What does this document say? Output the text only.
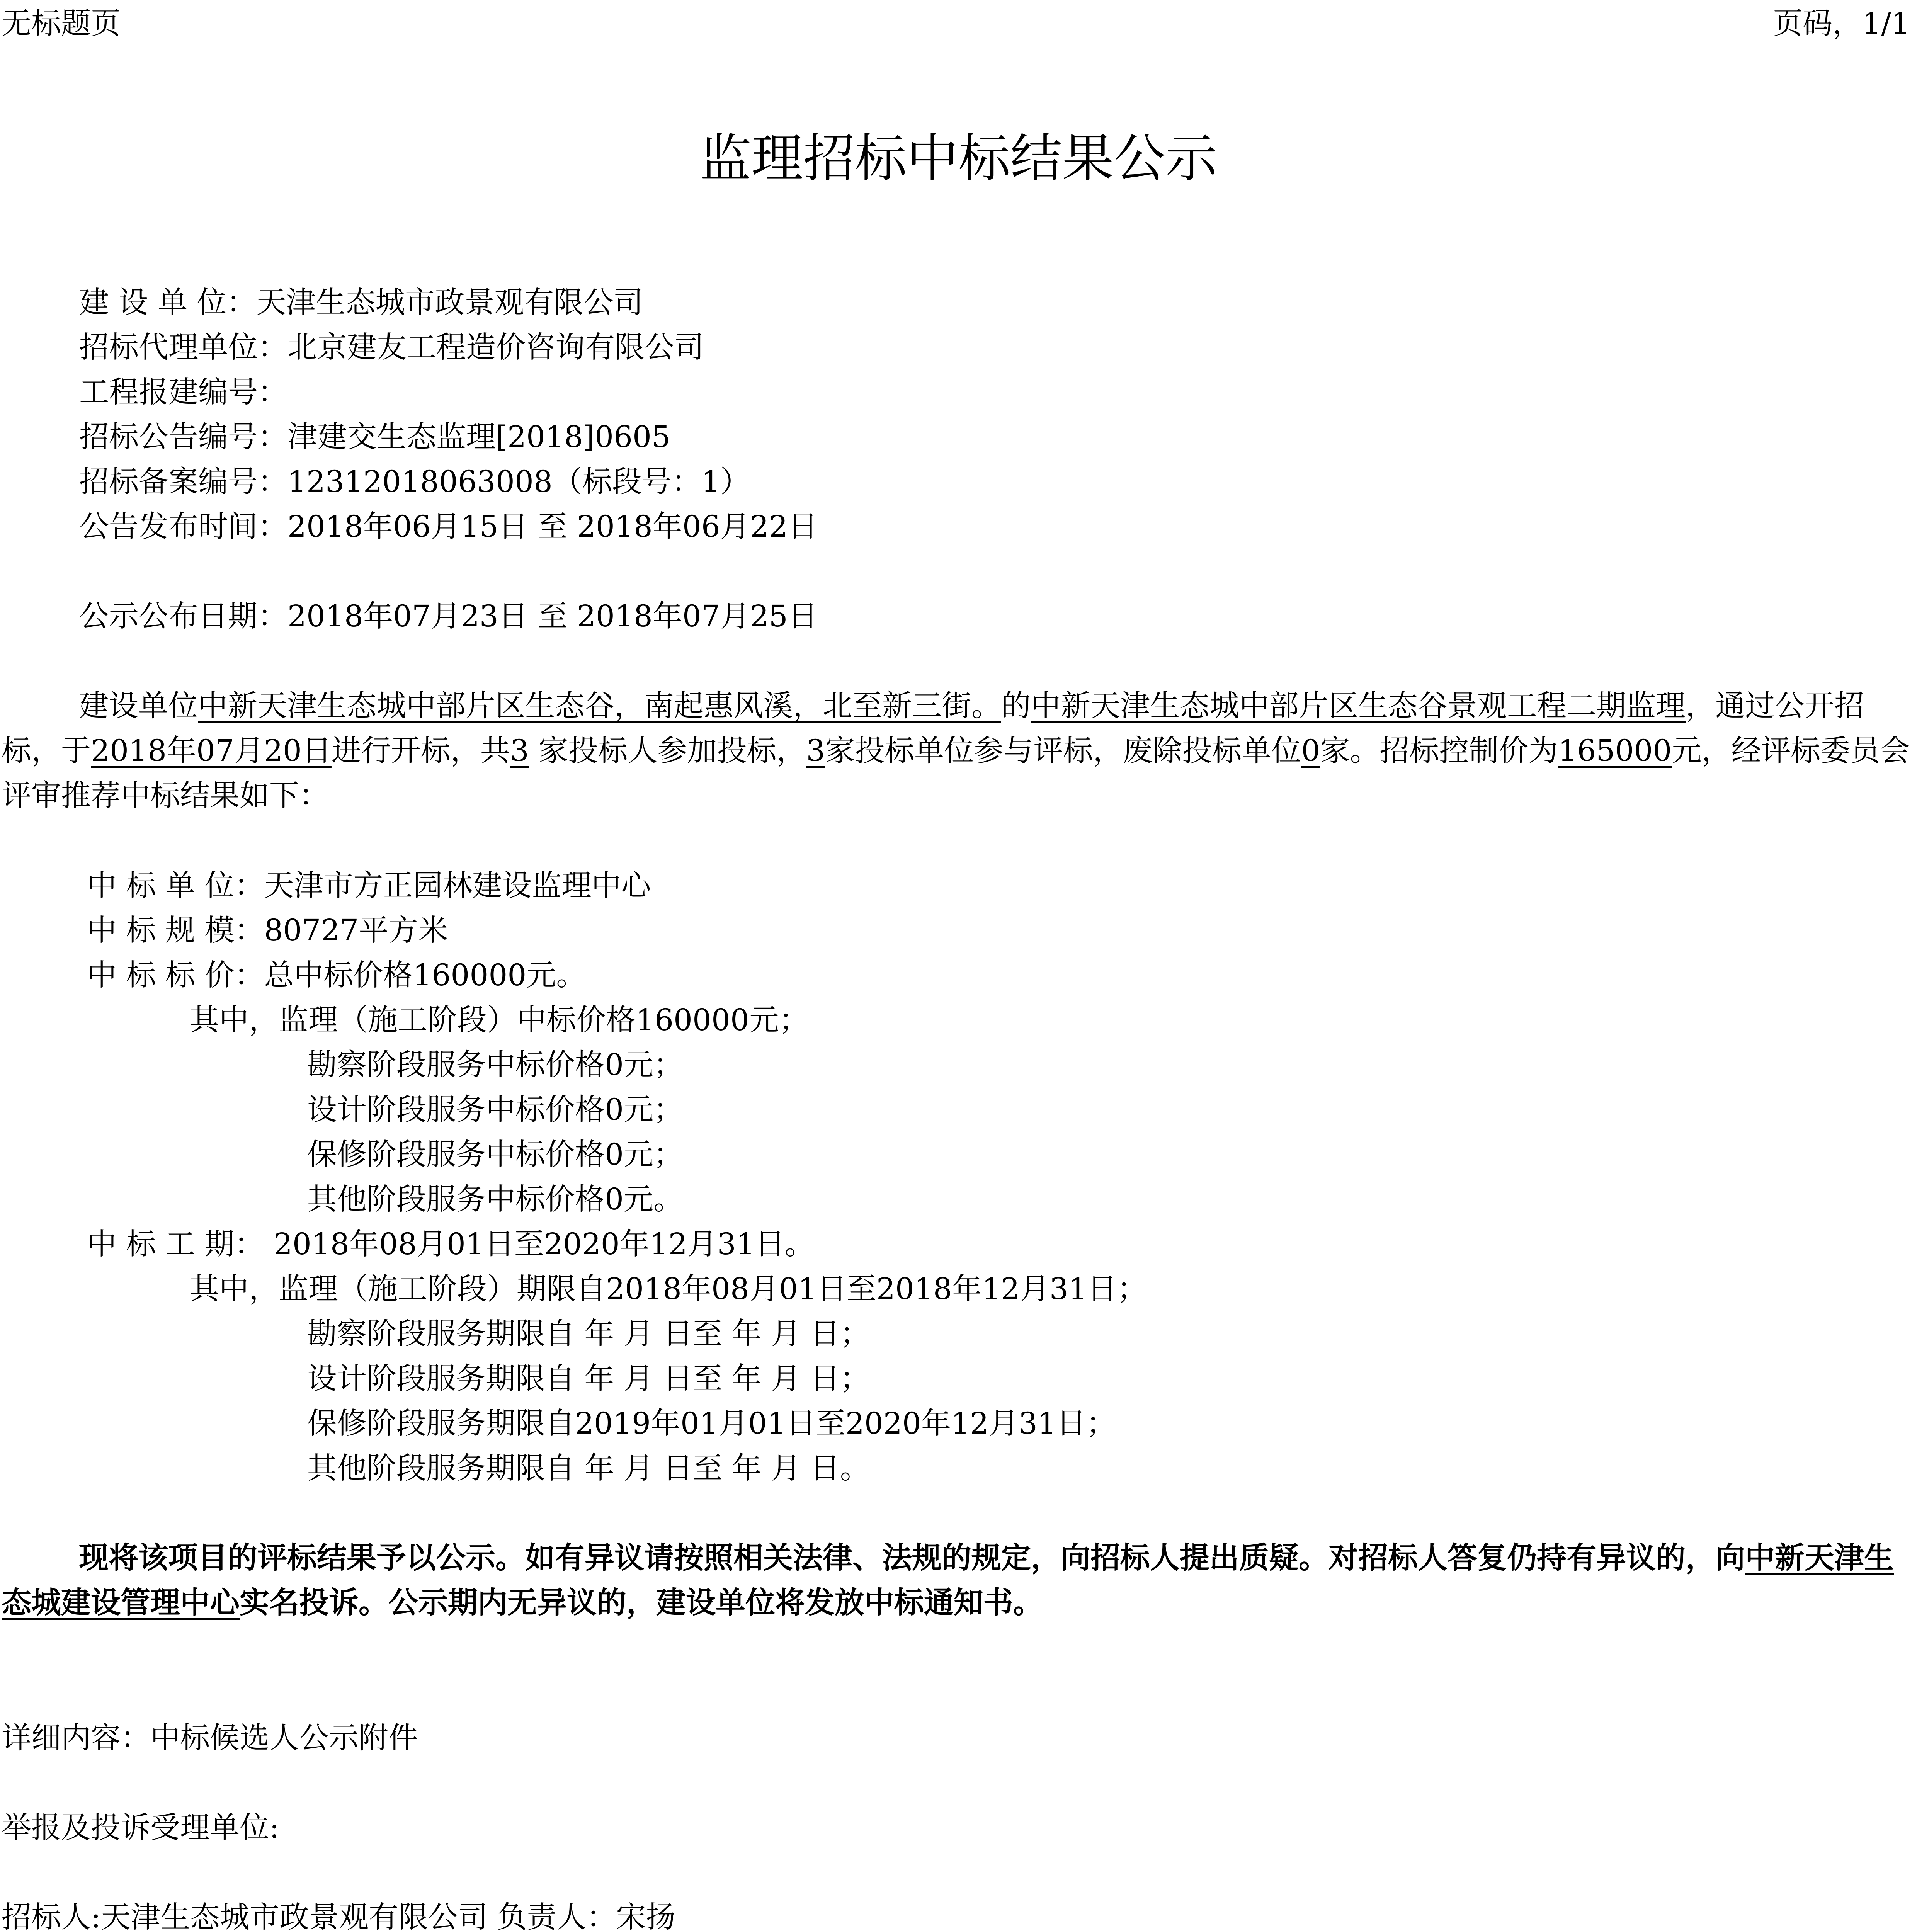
无标题页	页码，1/1
监理招标中标结果公示
建 设 单 位：天津生态城市政景观有限公司
招标代理单位：北京建友工程造价咨询有限公司
工程报建编号：
招标公告编号：津建交生态监理[2018]0605
招标备案编号：12312018063008（标段号：1）
公告发布时间：2018年06月15日 至 2018年06月22日
公示公布日期：2018年07月23日 至 2018年07月25日
建设单位中新天津生态城中部片区生态谷，南起惠风溪，北至新三街。的中新天津生态城中部片区生态谷景观工程二期监理，通过公开招标，于2018年07月20日进行开标，共3 家投标人参加投标，3家投标单位参与评标，废除投标单位0家。招标控制价为165000元，经评标委员会评审推荐中标结果如下：
中 标 单 位：天津市方正园林建设监理中心
中 标 规 模：80727平方米
中 标 标 价：总中标价格160000元。
其中，监理（施工阶段）中标价格160000元；
勘察阶段服务中标价格0元；
设计阶段服务中标价格0元；
保修阶段服务中标价格0元；
其他阶段服务中标价格0元。
中 标 工 期： 2018年08月01日至2020年12月31日。
其中，监理（施工阶段）期限自2018年08月01日至2018年12月31日；
勘察阶段服务期限自 年 月 日至 年 月 日；
设计阶段服务期限自 年 月 日至 年 月 日；
保修阶段服务期限自2019年01月01日至2020年12月31日；
其他阶段服务期限自 年 月 日至 年 月 日。
现将该项目的评标结果予以公示。如有异议请按照相关法律、法规的规定，向招标人提出质疑。对招标人答复仍持有异议的，向中新天津生态城建设管理中心实名投诉。公示期内无异议的，建设单位将发放中标通知书。
详细内容：中标候选人公示附件
举报及投诉受理单位:
招标人:天津生态城市政景观有限公司 负责人：宋扬
